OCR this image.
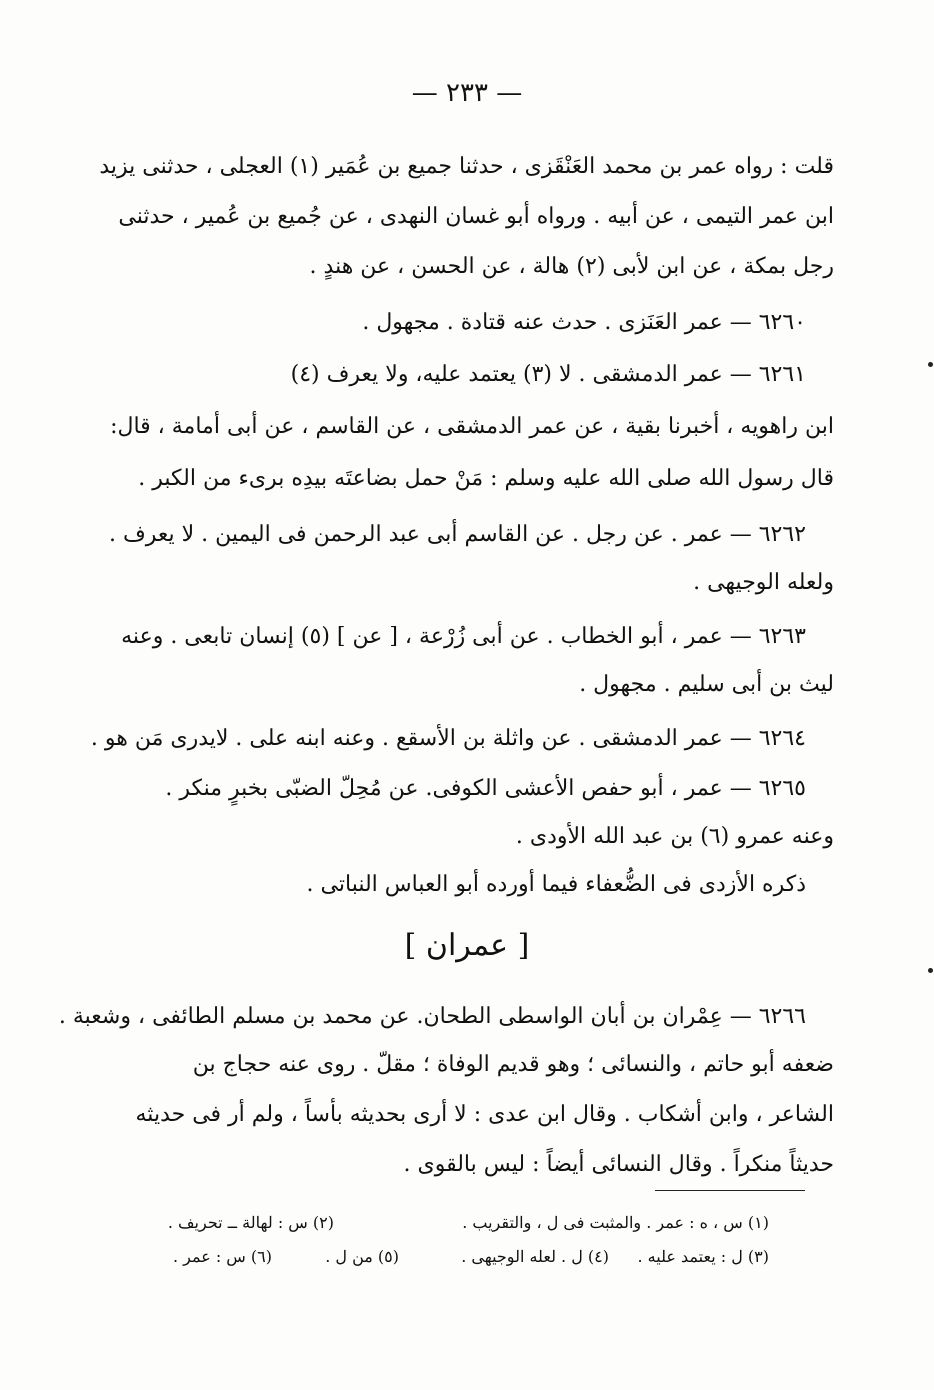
— ٢٣٣ —
قلت : رواه عمر بن محمد العَنْقَزى ، حدثنا جميع بن عُمَير (١) العجلى ، حدثنى يزيد
ابن عمر التيمى ، عن أبيه . ورواه أبو غسان النهدى ، عن جُميع بن عُمير ، حدثنى
رجل بمكة ، عن ابن لأبى (٢) هالة ، عن الحسن ، عن هندٍ .
٦٢٦٠ — عمر العَنَزى . حدث عنه قتادة . مجهول .
٦٢٦١ — عمر الدمشقى . لا (٣) يعتمد عليه، ولا يعرف (٤)
ابن راهويه ، أخبرنا بقية ، عن عمر الدمشقى ، عن القاسم ، عن أبى أمامة ، قال:
قال رسول الله صلى الله عليه وسلم : مَنْ حمل بضاعتَه بيدِه برىء من الكبر .
٦٢٦٢ — عمر . عن رجل . عن القاسم أبى عبد الرحمن فى اليمين . لا يعرف .
ولعله الوجيهى .
٦٢٦٣ — عمر ، أبو الخطاب . عن أبى زُرْعة ، [ عن ] (٥) إنسان تابعى . وعنه
ليث بن أبى سليم . مجهول .
٦٢٦٤ — عمر الدمشقى . عن واثلة بن الأسقع . وعنه ابنه على . لايدرى مَن هو .
٦٢٦٥ — عمر ، أبو حفص الأعشى الكوفى. عن مُحِلّ الضبّى بخبرٍ منكر .
وعنه عمرو (٦) بن عبد الله الأودى .
ذكره الأزدى فى الضُّعفاء فيما أورده أبو العباس النباتى .
[ عمران ]
٦٢٦٦ — عِمْران بن أبان الواسطى الطحان. عن محمد بن مسلم الطائفى ، وشعبة .
ضعفه أبو حاتم ، والنسائى ؛ وهو قديم الوفاة ؛ مقلّ . روى عنه حجاج بن
الشاعر ، وابن أشكاب . وقال ابن عدى : لا أرى بحديثه بأساً ، ولم أر فى حديثه
حديثاً منكراً . وقال النسائى أيضاً : ليس بالقوى .
(١) س ، ه : عمر . والمثبت فى ل ، والتقريب .
(٢) س : لهالة ــ تحريف .
(٣) ل : يعتمد عليه .
(٤) ل . لعله الوجيهى .
(٥) من ل .
(٦) س : عمر .
